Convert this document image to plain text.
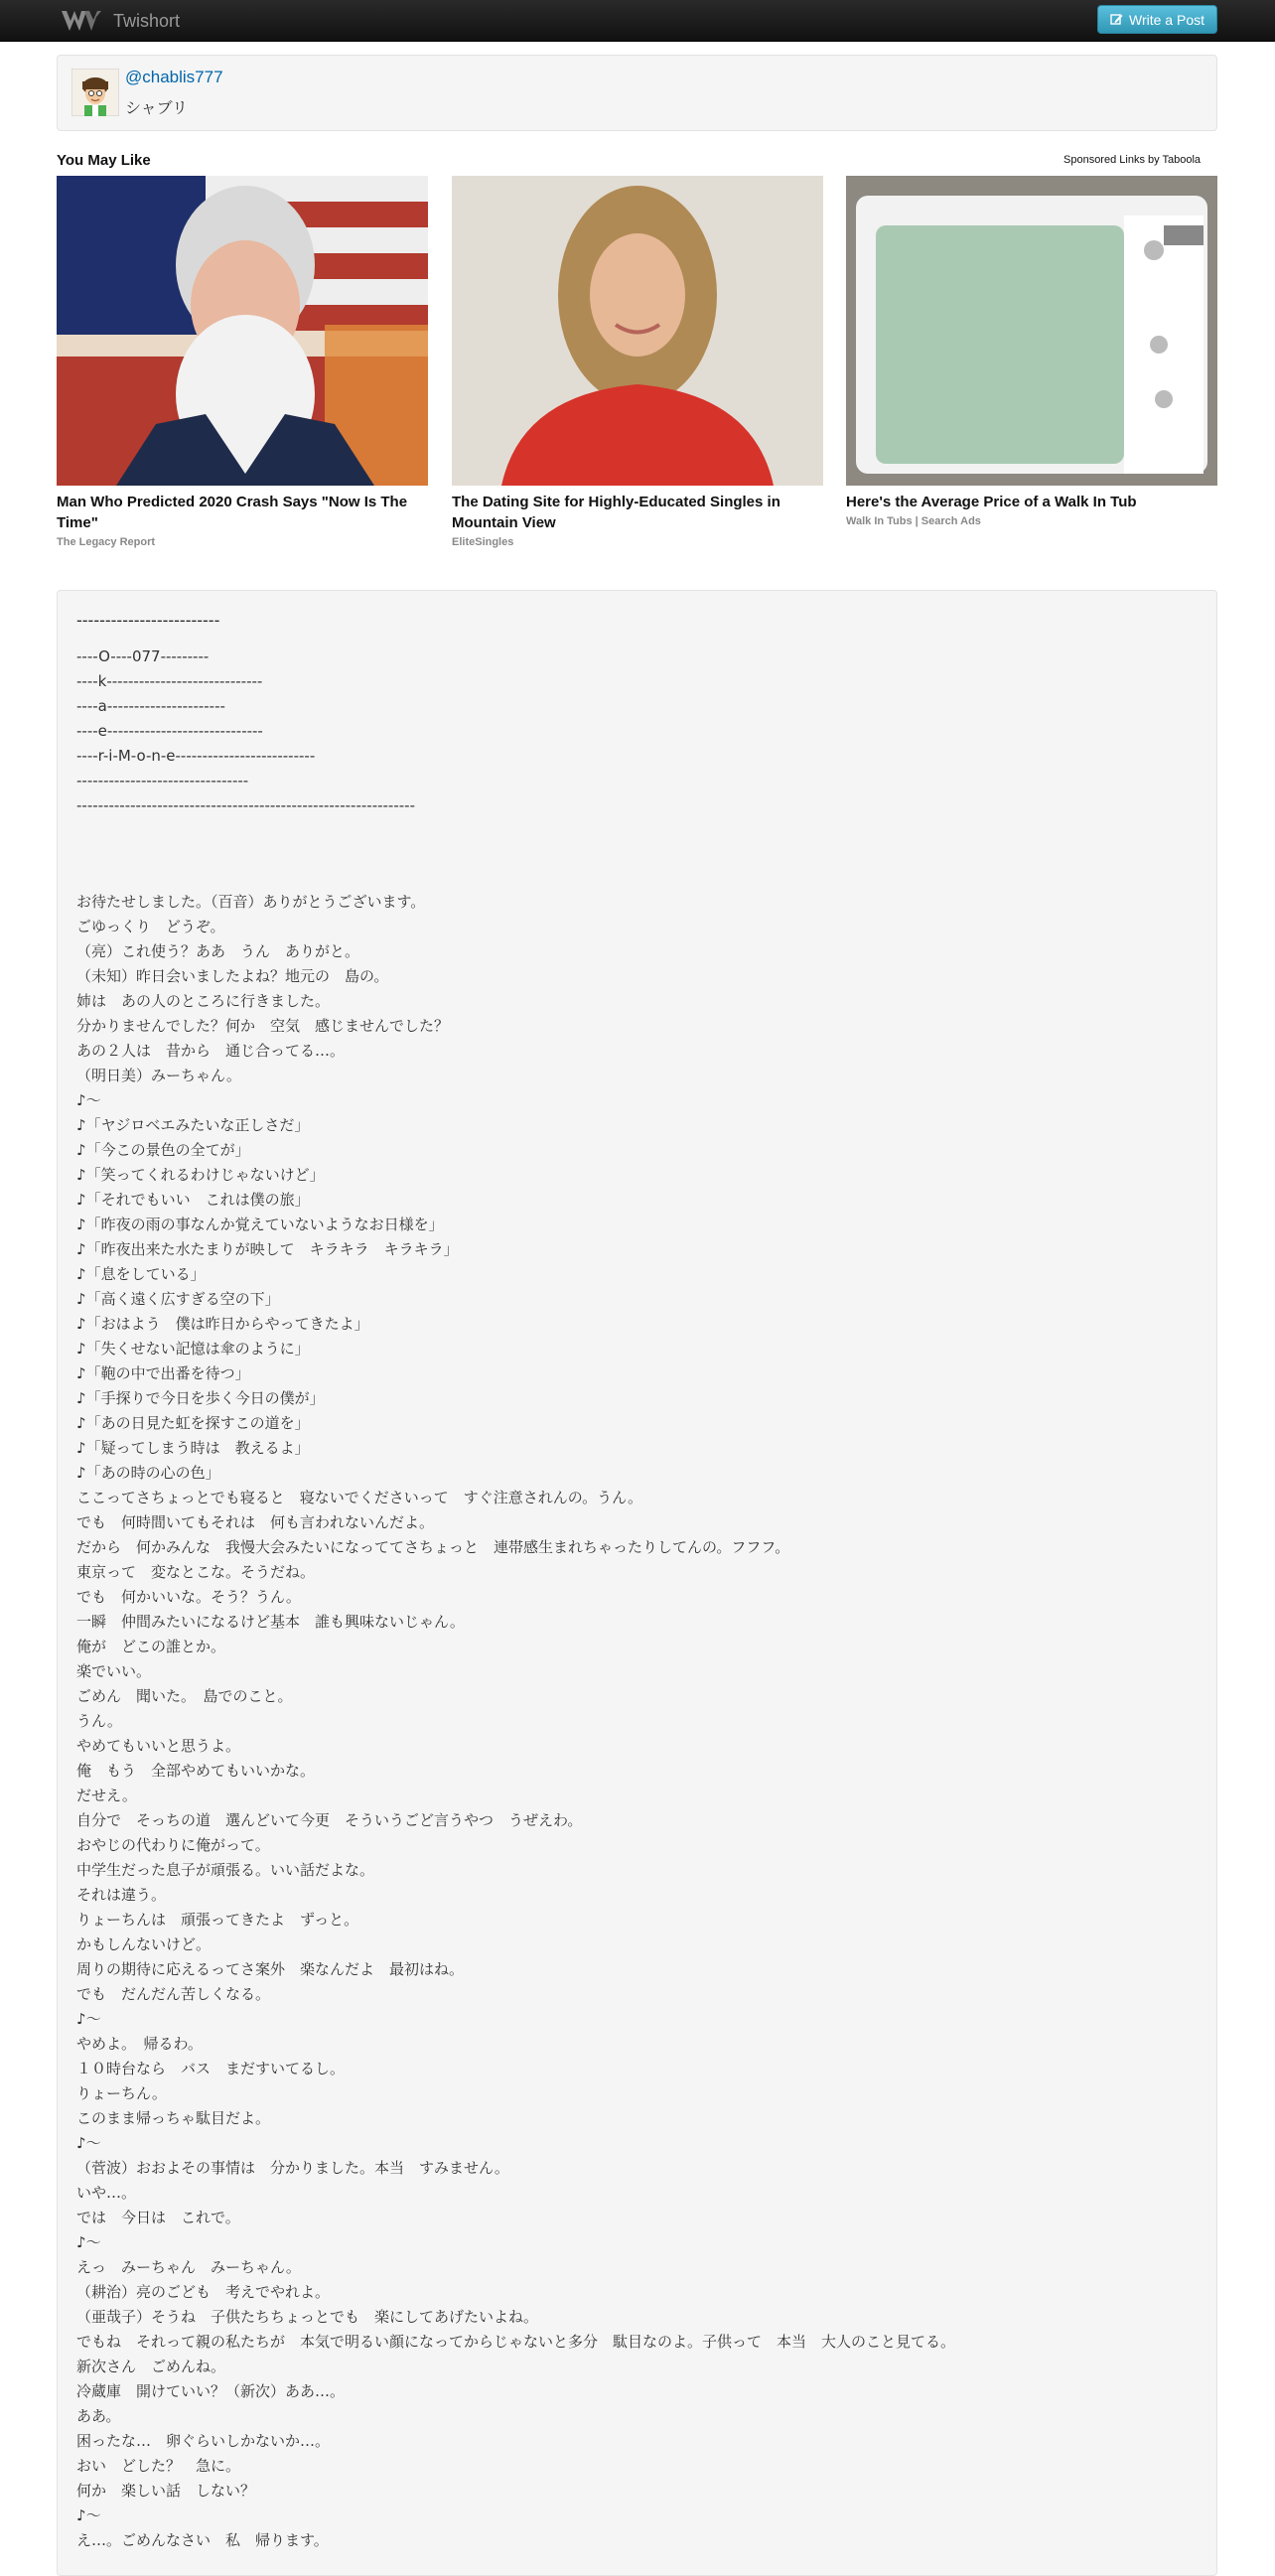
Twishort	Write a Post
@chablis777
シャブリ
You May Like	Sponsored Links by Taboola
Man Who Predicted 2020 Crash Says "Now Is The Time"
The Legacy Report
The Dating Site for Highly-Educated Singles in Mountain View
EliteSingles
Here's the Average Price of a Walk In Tub
Walk In Tubs | Search Ads
-------------------------
----O----077---------
----k-----------------------------
----a----------------------
----e-----------------------------
----r-i-M-o-n-e--------------------------
--------------------------------
---------------------------------------------------------------
お待たせしました。（百音）ありがとうございます。
ごゆっくり　どうぞ。
（亮）これ使う？ああ　うん　ありがと。
（未知）昨日会いましたよね？地元の　島の。
姉は　あの人のところに行きました。
分かりませんでした？何か　空気　感じませんでした？
あの２人は　昔から　通じ合ってる…。
（明日美）みーちゃん。
♪～
♪「ヤジロベエみたいな正しさだ」
♪「今この景色の全てが」
♪「笑ってくれるわけじゃないけど」
♪「それでもいい　これは僕の旅」
♪「昨夜の雨の事なんか覚えていないようなお日様を」
♪「昨夜出来た水たまりが映して　キラキラ　キラキラ」
♪「息をしている」
♪「高く遠く広すぎる空の下」
♪「おはよう　僕は昨日からやってきたよ」
♪「失くせない記憶は傘のように」
♪「鞄の中で出番を待つ」
♪「手探りで今日を歩く今日の僕が」
♪「あの日見た虹を探すこの道を」
♪「疑ってしまう時は　教えるよ」
♪「あの時の心の色」
ここってさちょっとでも寝ると　寝ないでくださいって　すぐ注意されんの。うん。
でも　何時間いてもそれは　何も言われないんだよ。
だから　何かみんな　我慢大会みたいになっててさちょっと　連帯感生まれちゃったりしてんの。フフフ。
東京って　変なとこな。そうだね。
でも　何かいいな。そう？うん。
一瞬　仲間みたいになるけど基本　誰も興味ないじゃん。
俺が　どこの誰とか。
楽でいい。
ごめん　聞いた。　島でのこと。
うん。
やめてもいいと思うよ。
俺　もう　全部やめてもいいかな。
だせえ。
自分で　そっちの道　選んどいて今更　そういうごど言うやつ　うぜえわ。
おやじの代わりに俺がって。
中学生だった息子が頑張る。いい話だよな。
それは違う。
りょーちんは　頑張ってきたよ　ずっと。
かもしんないけど。
周りの期待に応えるってさ案外　楽なんだよ　最初はね。
でも　だんだん苦しくなる。
♪～
やめよ。　帰るわ。
１０時台なら　バス　まだすいてるし。
りょーちん。
このまま帰っちゃ駄目だよ。
♪～
（菅波）おおよその事情は　分かりました。本当　すみません。
いや…。
では　今日は　これで。
♪～
えっ　みーちゃん　みーちゃん。
（耕治）亮のごども　考えでやれよ。
（亜哉子）そうね　子供たちちょっとでも　楽にしてあげたいよね。
でもね　それって親の私たちが　本気で明るい顔になってからじゃないと多分　駄目なのよ。子供って　本当　大人のこと見てる。
新次さん　ごめんね。
冷蔵庫　開けていい？（新次）ああ…。
ああ。
困ったな…　卵ぐらいしかないか…。
おい　どした？　急に。
何か　楽しい話　しない？
♪～
え…。ごめんなさい　私　帰ります。
